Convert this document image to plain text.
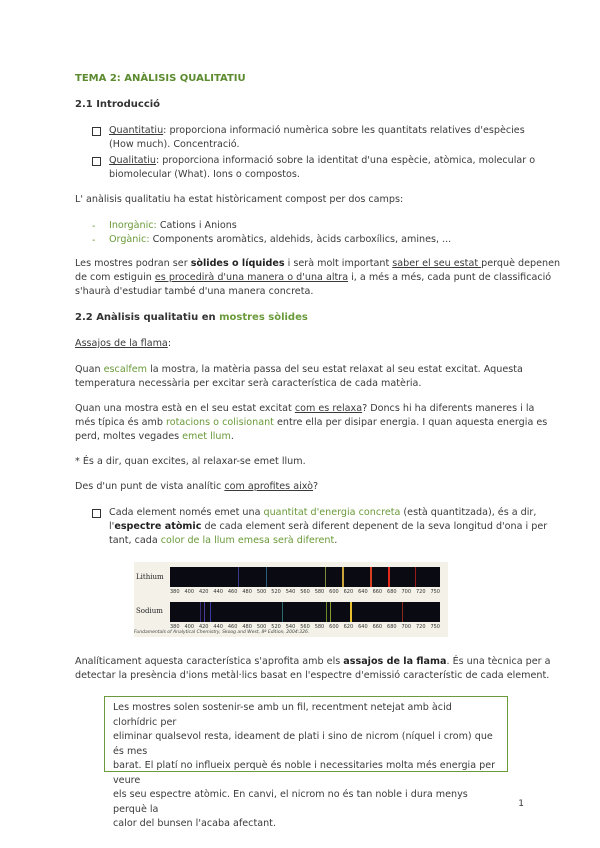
TEMA 2: ANÀLISIS QUALITATIU
2.1 Introducció
Quantitatiu: proporciona informació numèrica sobre les quantitats relatives d'espècies
(How much). Concentració.
Qualitatiu: proporciona informació sobre la identitat d'una espècie, atòmica, molecular o
biomolecular (What). Ions o compostos.
L' anàlisis qualitatiu ha estat històricament compost per dos camps:
- Inorgànic: Cations i Anions
- Orgànic: Components aromàtics, aldehids, àcids carboxílics, amines, ...
Les mostres podran ser sòlides o líquides i serà molt important saber el seu estat perquè depenen
de com estiguin es procedirà d'una manera o d'una altra i, a més a més, cada punt de classificació
s'haurà d'estudiar també d'una manera concreta.
2.2 Anàlisis qualitatiu en mostres sòlides
Assajos de la flama:
Quan escalfem la mostra, la matèria passa del seu estat relaxat al seu estat excitat. Aquesta
temperatura necessària per excitar serà característica de cada matèria.
Quan una mostra està en el seu estat excitat com es relaxa? Doncs hi ha diferents maneres i la
més típica és amb rotacions o colisionant entre ella per disipar energia. I quan aquesta energia es
perd, moltes vegades emet llum.
* És a dir, quan excites, al relaxar-se emet llum.
Des d'un punt de vista analític com aprofites això?
Cada element només emet una quantitat d'energia concreta (està quantitzada), és a dir,
l'espectre atòmic de cada element serà diferent depenent de la seva longitud d'ona i per
tant, cada color de la llum emesa serà diferent.
Lithium
380 400 420 440 460 480 500 520 540 560 580 600 620 640 660 680 700 720 750
Sodium
380 400 420 440 460 480 500 520 540 560 580 600 620 640 660 680 700 720 750
Fundamentals of Analytical Chemistry, Skoog and West, 8ª Edition, 2004:326.
Analíticament aquesta característica s'aprofita amb els assajos de la flama. És una tècnica per a
detectar la presència d'ions metàl·lics basat en l'espectre d'emissió característic de cada element.
Les mostres solen sostenir-se amb un fil, recentment netejat amb àcid clorhídric per
eliminar qualsevol resta, ideament de plati i sino de nicrom (níquel i crom) que és mes
barat. El platí no influeix perquè és noble i necessitaries molta més energia per veure
els seu espectre atòmic. En canvi, el nicrom no és tan noble i dura menys perquè la
calor del bunsen l'acaba afectant.
1
